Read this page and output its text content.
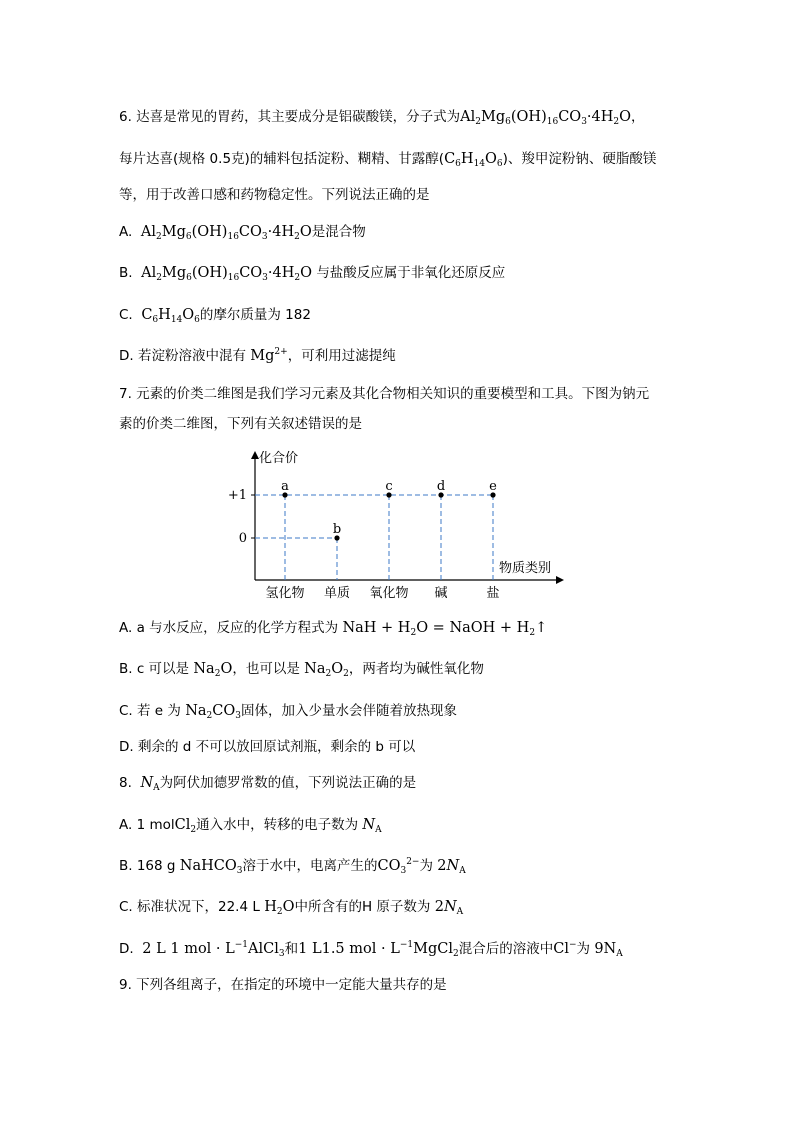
6. 达喜是常见的胃药，其主要成分是铝碳酸镁，分子式为$Al_2Mg_6(OH)_{16}CO_3\cdot 4H_2O$，
每片达喜(规格 0.5克)的辅料包括淀粉、糊精、甘露醇$(C_6H_{14}O_6)$、羧甲淀粉钠、硬脂酸镁
等，用于改善口感和药物稳定性。下列说法正确的是
A. $Al_2Mg_6(OH)_{16}CO_3\cdot 4H_2O$是混合物
B. $Al_2Mg_6(OH)_{16}CO_3\cdot 4H_2O$ 与盐酸反应属于非氧化还原反应
C. $C_6H_{14}O_6$的摩尔质量为 182
D. 若淀粉溶液中混有 $Mg^{2+}$，可利用过滤提纯
7. 元素的价类二维图是我们学习元素及其化合物相关知识的重要模型和工具。下图为钠元
素的价类二维图，下列有关叙述错误的是
化合价
物质类别
+1
0
氢化物 单质 氧化物 碱	盐
a
b
c	d	e
A. a 与水反应，反应的化学方程式为 NaH + $H_2O$ = NaOH + $H_2↑$
B. c 可以是 $Na_2O$，也可以是 $Na_2O_2$，两者均为碱性氧化物
C. 若 e 为 $Na_2CO_3$固体，加入少量水会伴随着放热现象
D. 剩余的 d 不可以放回原试剂瓶，剩余的 b 可以
8.  $N_A$为阿伏加德罗常数的值，下列说法正确的是
A. 1 molCl$_2$通入水中，转移的电子数为 $N_A$
B. 168 g NaHCO$_3$溶于水中，电离产生的$CO_3^{2-}$为 $2N_A$
C. 标准状况下，22.4 L $H_2O$中所含有的H 原子数为 $2N_A$
D. 2 L 1 mol · $L^{-1}AlCl_3$和1 L1.5 mol · $L^{-1}MgCl_2$混合后的溶液中Cl−为 $9N_A$
9. 下列各组离子，在指定的环境中一定能大量共存的是
